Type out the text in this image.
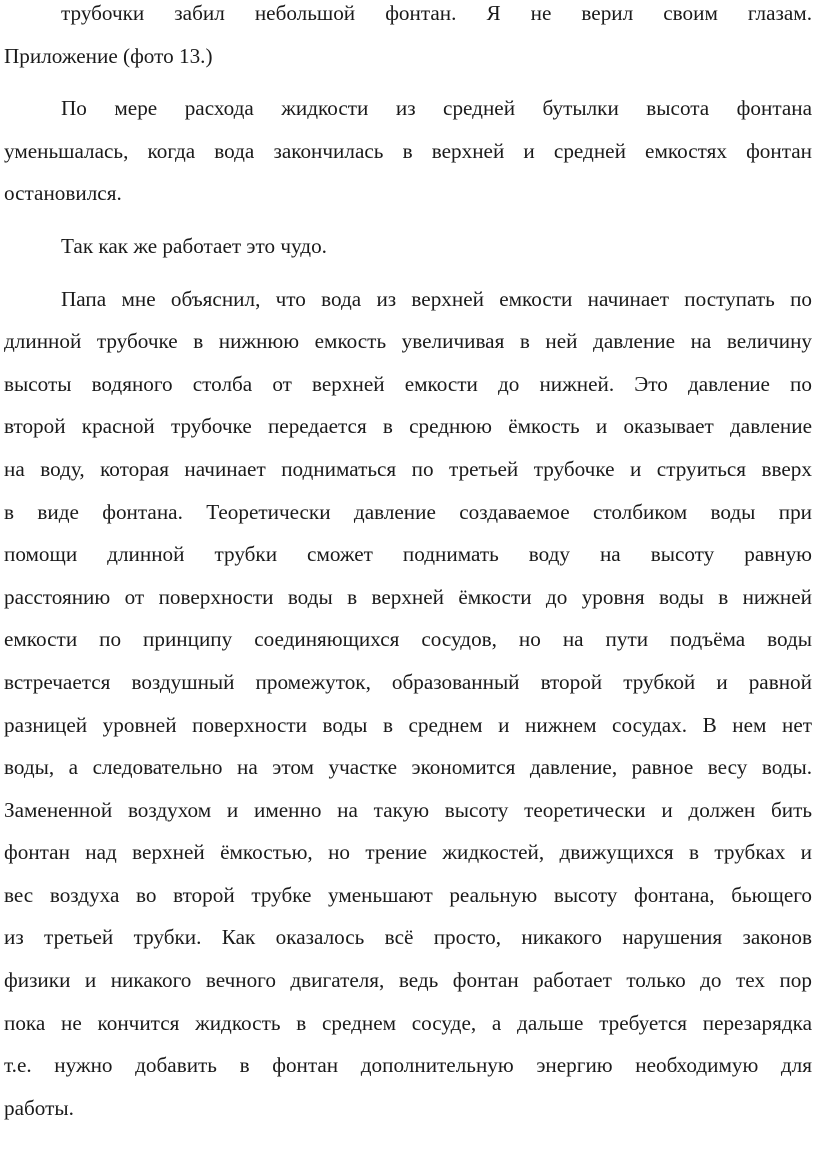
трубочки забил небольшой фонтан. Я не верил своим глазам.
Приложение (фото 13.)
По мере расхода жидкости из средней бутылки высота фонтана
уменьшалась, когда вода закончилась в верхней и средней емкостях фонтан
остановился.
Так как же работает это чудо.
Папа мне объяснил, что вода из верхней емкости начинает поступать по
длинной трубочке в нижнюю емкость увеличивая в ней давление на величину
высоты водяного столба от верхней емкости до нижней. Это давление по
второй красной трубочке передается в среднюю ёмкость и оказывает давление
на воду, которая начинает подниматься по третьей трубочке и струиться вверх
в виде фонтана. Теоретически давление создаваемое столбиком воды при
помощи длинной трубки сможет поднимать воду на высоту равную
расстоянию от поверхности воды в верхней ёмкости до уровня воды в нижней
емкости по принципу соединяющихся сосудов, но на пути подъёма воды
встречается воздушный промежуток, образованный второй трубкой и равной
разницей уровней поверхности воды в среднем и нижнем сосудах. В нем нет
воды, а следовательно на этом участке экономится давление, равное весу воды.
Замененной воздухом и именно на такую высоту теоретически и должен бить
фонтан над верхней ёмкостью, но трение жидкостей, движущихся в трубках и
вес воздуха во второй трубке уменьшают реальную высоту фонтана, бьющего
из третьей трубки. Как оказалось всё просто, никакого нарушения законов
физики и никакого вечного двигателя, ведь фонтан работает только до тех пор
пока не кончится жидкость в среднем сосуде, а дальше требуется перезарядка
т.е. нужно добавить в фонтан дополнительную энергию необходимую для
работы.
